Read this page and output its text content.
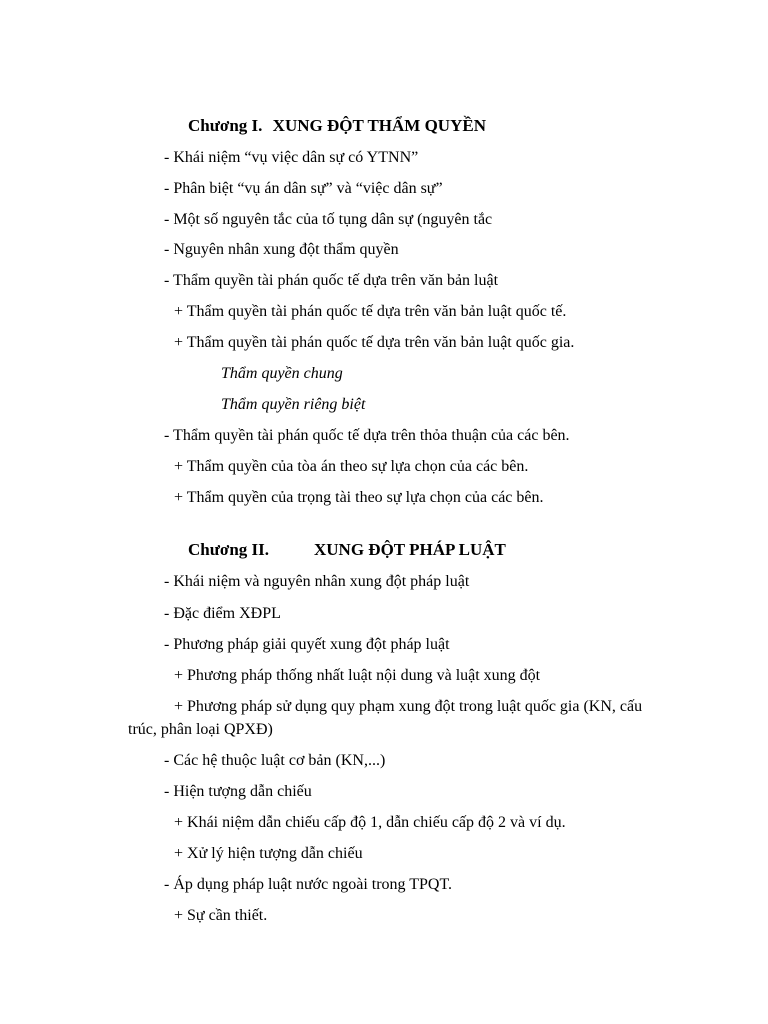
Chương I. XUNG ĐỘT THẨM QUYỀN
- Khái niệm “vụ việc dân sự có YTNN”
- Phân biệt “vụ án dân sự” và “việc dân sự”
- Một số nguyên tắc của tố tụng dân sự (nguyên tắc
- Nguyên nhân xung đột thẩm quyền
- Thẩm quyền tài phán quốc tế dựa trên văn bản luật
+ Thẩm quyền tài phán quốc tế dựa trên văn bản luật quốc tế.
+ Thẩm quyền tài phán quốc tế dựa trên văn bản luật quốc gia.
Thẩm quyền chung
Thẩm quyền riêng biệt
- Thẩm quyền tài phán quốc tế dựa trên thỏa thuận của các bên.
+ Thẩm quyền của tòa án theo sự lựa chọn của các bên.
+ Thẩm quyền của trọng tài theo sự lựa chọn của các bên.
Chương II.	XUNG ĐỘT PHÁP LUẬT
- Khái niệm và nguyên nhân xung đột pháp luật
- Đặc điểm XĐPL
- Phương pháp giải quyết xung đột pháp luật
+ Phương pháp thống nhất luật nội dung và luật xung đột
+ Phương pháp sử dụng quy phạm xung đột trong luật quốc gia (KN, cấu
trúc, phân loại QPXĐ)
- Các hệ thuộc luật cơ bản (KN,...)
- Hiện tượng dẫn chiếu
+ Khái niệm dẫn chiếu cấp độ 1, dẫn chiếu cấp độ 2 và ví dụ.
+ Xử lý hiện tượng dẫn chiếu
- Áp dụng pháp luật nước ngoài trong TPQT.
+ Sự cần thiết.
